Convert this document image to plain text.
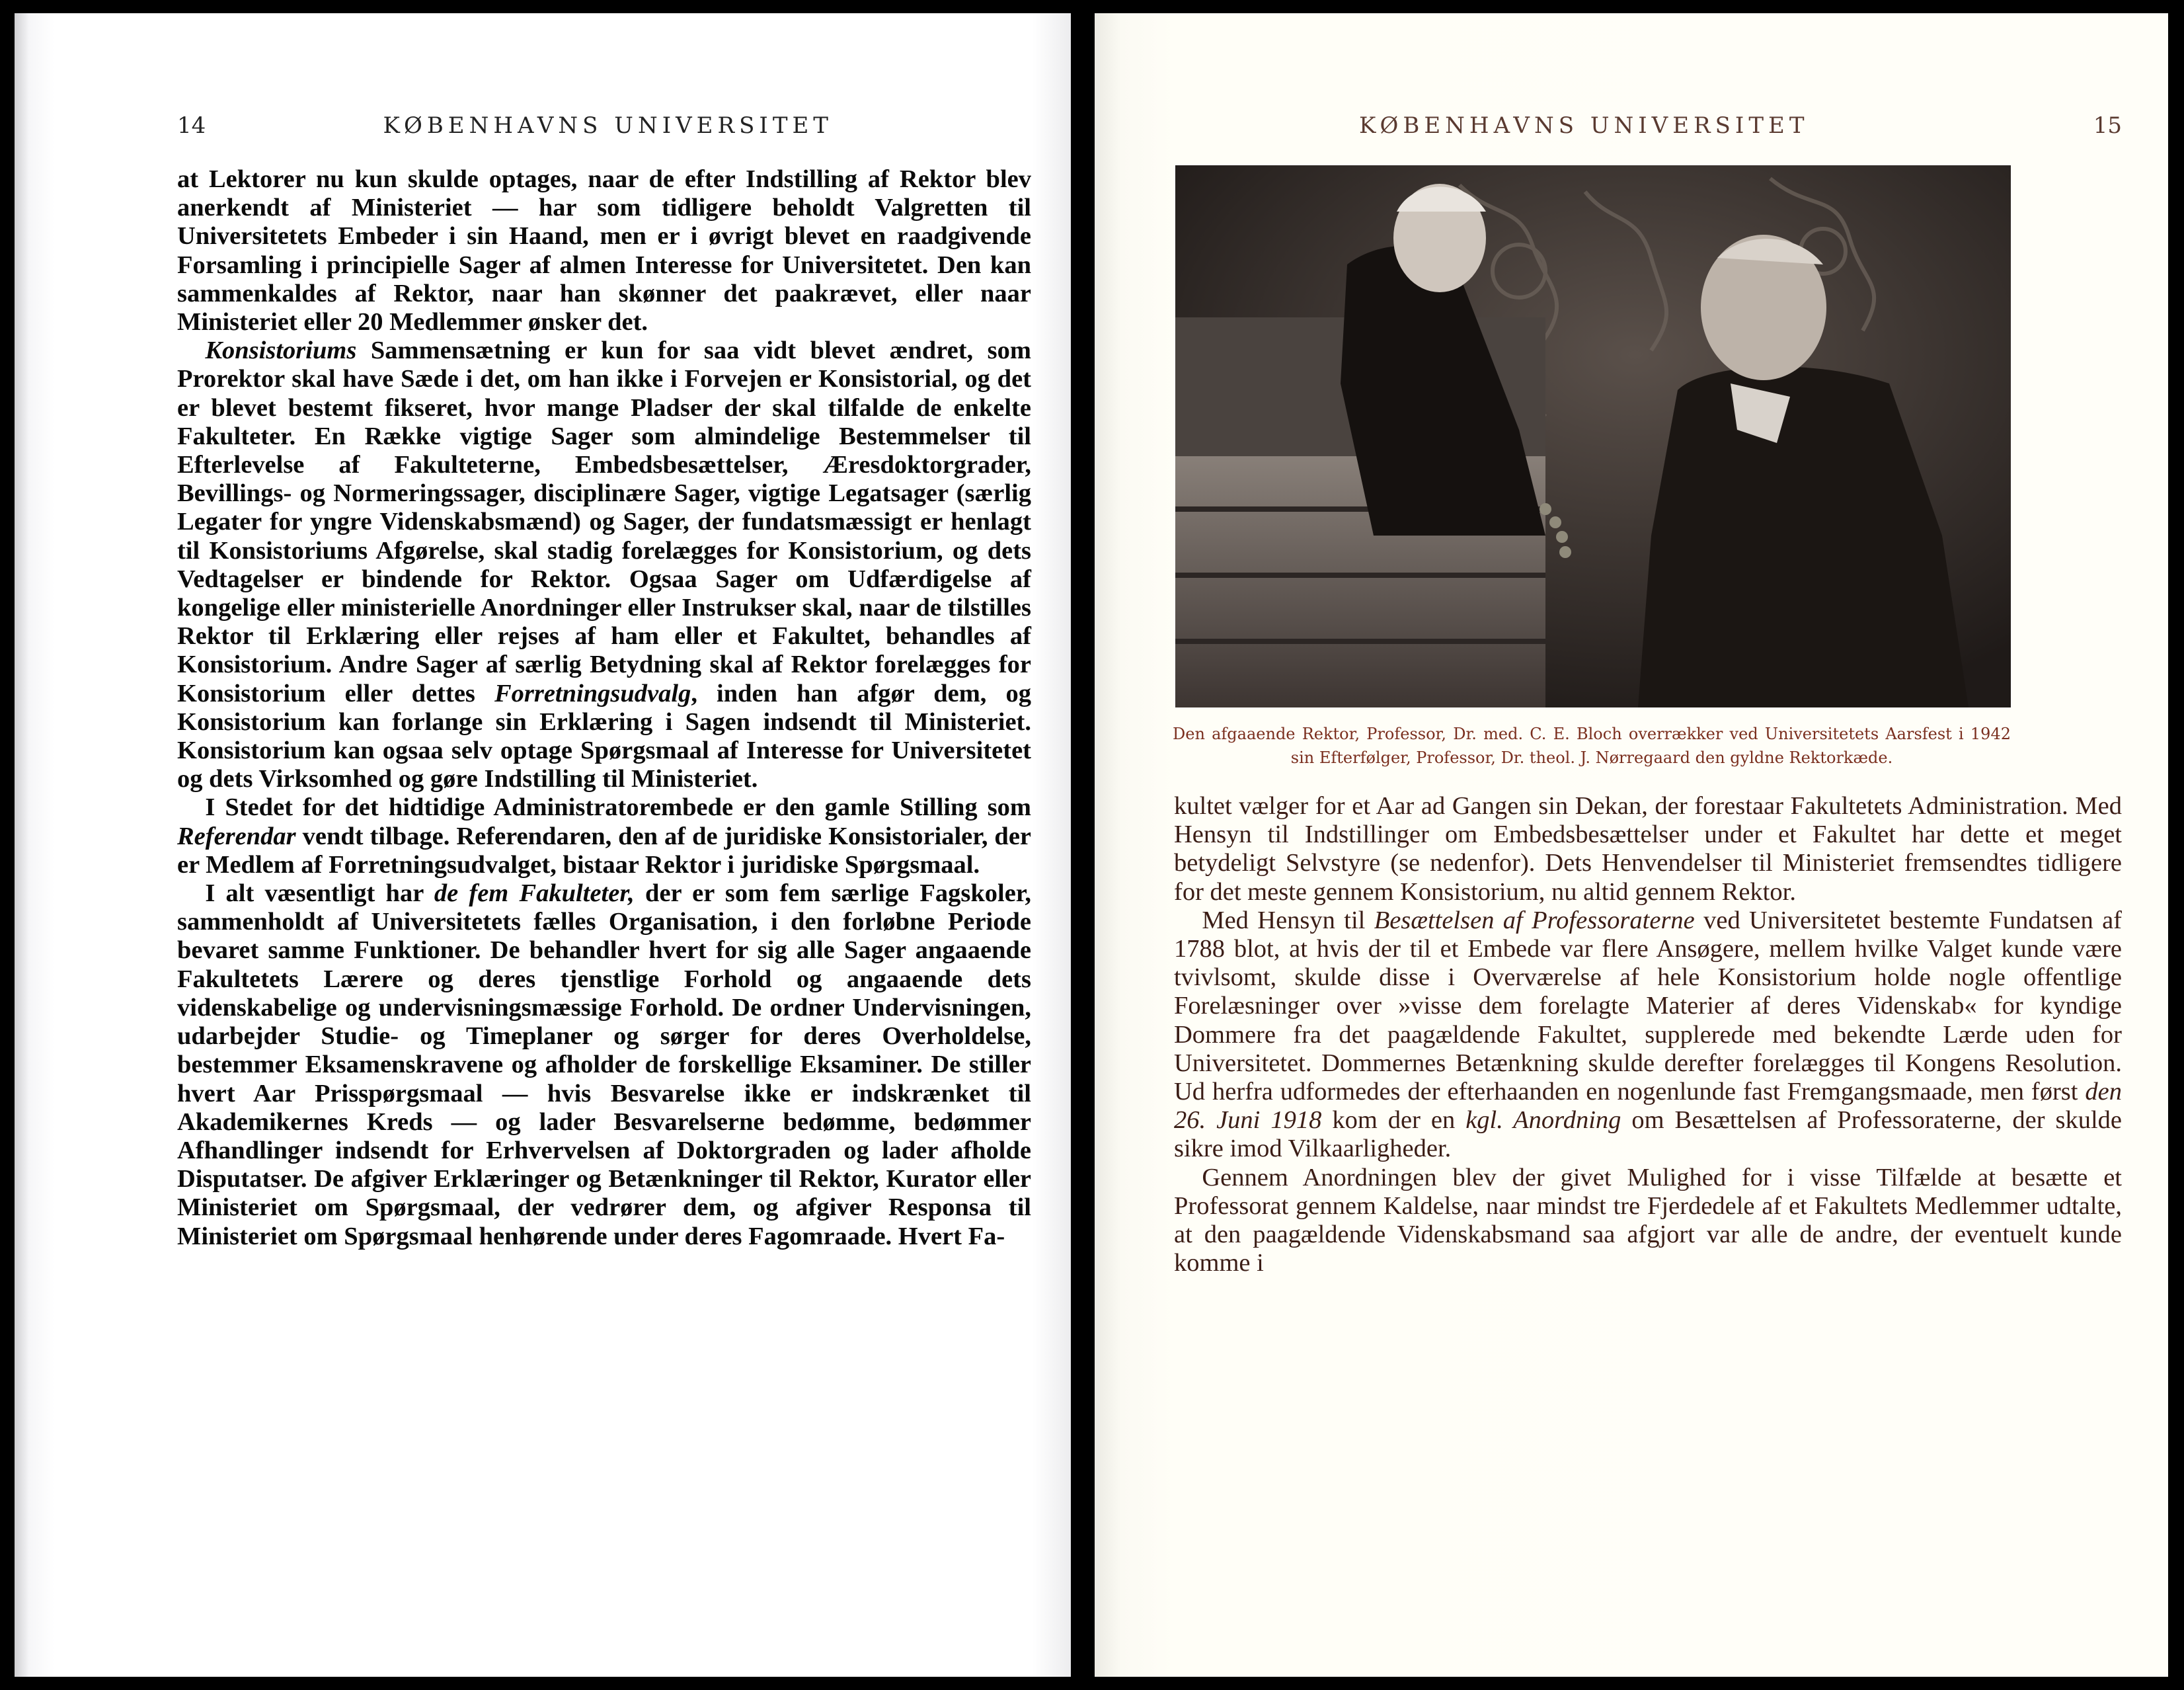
14	KØBENHAVNS UNIVERSITET

at Lektorer nu kun skulde optages, naar de efter Indstilling af Rektor blev anerkendt af Ministeriet — har som tidligere beholdt Valgretten til Universitetets Embeder i sin Haand, men er i øvrigt blevet en raadgivende Forsamling i principielle Sager af almen Interesse for Universitetet. Den kan sammenkaldes af Rektor, naar han skønner det paakrævet, eller naar Ministeriet eller 20 Medlemmer ønsker det.

Konsistoriums Sammensætning er kun for saa vidt blevet ændret, som Prorektor skal have Sæde i det, om han ikke i Forvejen er Konsistorial, og det er blevet bestemt fikseret, hvor mange Pladser der skal tilfalde de enkelte Fakulteter. En Række vigtige Sager som almindelige Bestemmelser til Efterlevelse af Fakulteterne, Embedsbesættelser, Æresdoktorgrader, Bevillings- og Normeringssager, disciplinære Sager, vigtige Legatsager (særlig Legater for yngre Videnskabsmænd) og Sager, der fundatsmæssigt er henlagt til Konsistoriums Afgørelse, skal stadig forelægges for Konsistorium, og dets Vedtagelser er bindende for Rektor. Ogsaa Sager om Udfærdigelse af kongelige eller ministerielle Anordninger eller Instrukser skal, naar de tilstilles Rektor til Erklæring eller rejses af ham eller et Fakultet, behandles af Konsistorium. Andre Sager af særlig Betydning skal af Rektor forelægges for Konsistorium eller dettes Forretningsudvalg, inden han afgør dem, og Konsistorium kan forlange sin Erklæring i Sagen indsendt til Ministeriet. Konsistorium kan ogsaa selv optage Spørgsmaal af Interesse for Universitetet og dets Virksomhed og gøre Indstilling til Ministeriet.

I Stedet for det hidtidige Administratorembede er den gamle Stilling som Referendar vendt tilbage. Referendaren, den af de juridiske Konsistorialer, der er Medlem af Forretningsudvalget, bistaar Rektor i juridiske Spørgsmaal.

I alt væsentligt har de fem Fakulteter, der er som fem særlige Fagskoler, sammenholdt af Universitetets fælles Organisation, i den forløbne Periode bevaret samme Funktioner. De behandler hvert for sig alle Sager angaaende Fakultetets Lærere og deres tjenstlige Forhold og angaaende dets videnskabelige og undervisningsmæssige Forhold. De ordner Undervisningen, udarbejder Studie- og Timeplaner og sørger for deres Overholdelse, bestemmer Eksamenskravene og afholder de forskellige Eksaminer. De stiller hvert Aar Prisspørgsmaal — hvis Besvarelse ikke er indskrænket til Akademikernes Kreds — og lader Besvarelserne bedømme, bedømmer Afhandlinger indsendt for Erhvervelsen af Doktorgraden og lader afholde Disputatser. De afgiver Erklæringer og Betænkninger til Rektor, Kurator eller Ministeriet om Spørgsmaal, der vedrører dem, og afgiver Responsa til Ministeriet om Spørgsmaal henhørende under deres Fagomraade. Hvert Fa-

KØBENHAVNS UNIVERSITET	15
Den afgaaende Rektor, Professor, Dr. med. C. E. Bloch overrækker ved Universitetets Aarsfest i 1942 sin Efterfølger, Professor, Dr. theol. J. Nørregaard den gyldne Rektorkæde.

kultet vælger for et Aar ad Gangen sin Dekan, der forestaar Fakultetets Administration. Med Hensyn til Indstillinger om Embedsbesættelser under et Fakultet har dette et meget betydeligt Selvstyre (se nedenfor). Dets Henvendelser til Ministeriet fremsendtes tidligere for det meste gennem Konsistorium, nu altid gennem Rektor.

Med Hensyn til Besættelsen af Professoraterne ved Universitetet bestemte Fundatsen af 1788 blot, at hvis der til et Embede var flere Ansøgere, mellem hvilke Valget kunde være tvivlsomt, skulde disse i Overværelse af hele Konsistorium holde nogle offentlige Forelæsninger over »visse dem forelagte Materier af deres Videnskab« for kyndige Dommere fra det paagældende Fakultet, supplerede med bekendte Lærde uden for Universitetet. Dommernes Betænkning skulde derefter forelægges til Kongens Resolution. Ud herfra udformedes der efterhaanden en nogenlunde fast Fremgangsmaade, men først den 26. Juni 1918 kom der en kgl. Anordning om Besættelsen af Professoraterne, der skulde sikre imod Vilkaarligheder.

Gennem Anordningen blev der givet Mulighed for i visse Tilfælde at besætte et Professorat gennem Kaldelse, naar mindst tre Fjerdedele af et Fakultets Medlemmer udtalte, at den paagældende Videnskabsmand saa afgjort var alle de andre, der eventuelt kunde komme i
